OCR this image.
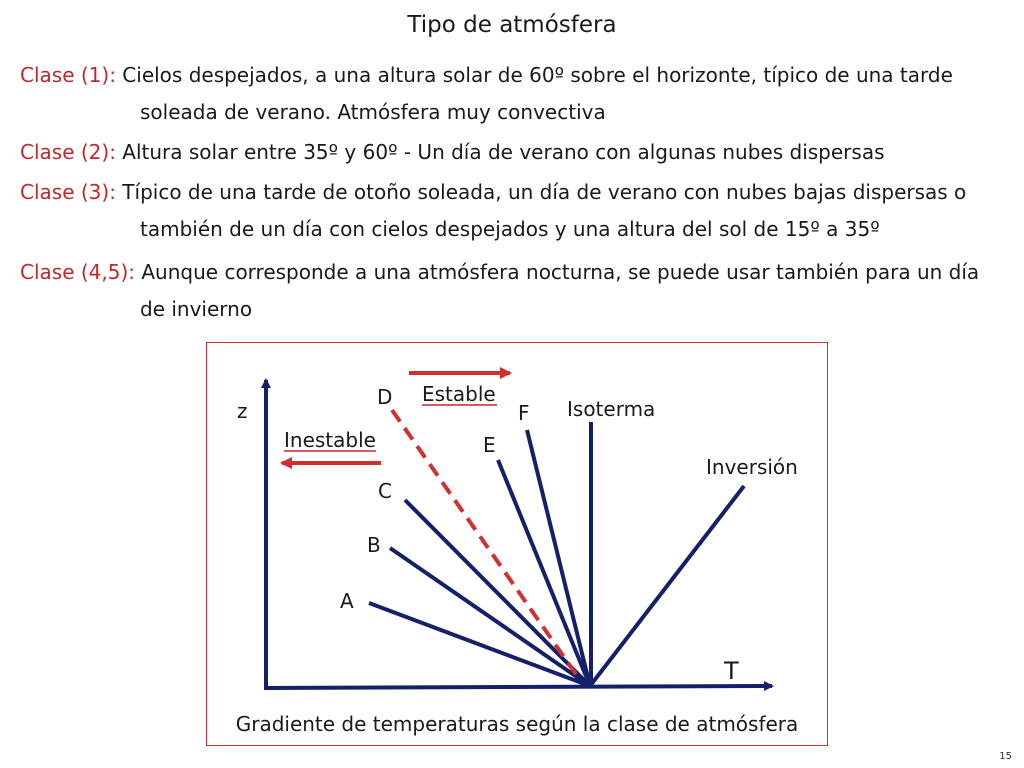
Tipo de atmósfera
Clase (1): Cielos despejados, a una altura solar de 60º sobre el horizonte, típico de una tarde
soleada de verano. Atmósfera muy convectiva
Clase (2): Altura solar entre 35º y 60º - Un día de verano con algunas nubes dispersas
Clase (3): Típico de una tarde de otoño soleada, un día de verano con nubes bajas dispersas o
también de un día con cielos despejados y una altura del sol de 15º a 35º
Clase (4,5): Aunque corresponde a una atmósfera nocturna, se puede usar también para un día
de invierno
z
T
Estable
Inestable
Isoterma
Inversión
A
B
C
D
E
F
Gradiente de temperaturas según la clase de atmósfera
15
